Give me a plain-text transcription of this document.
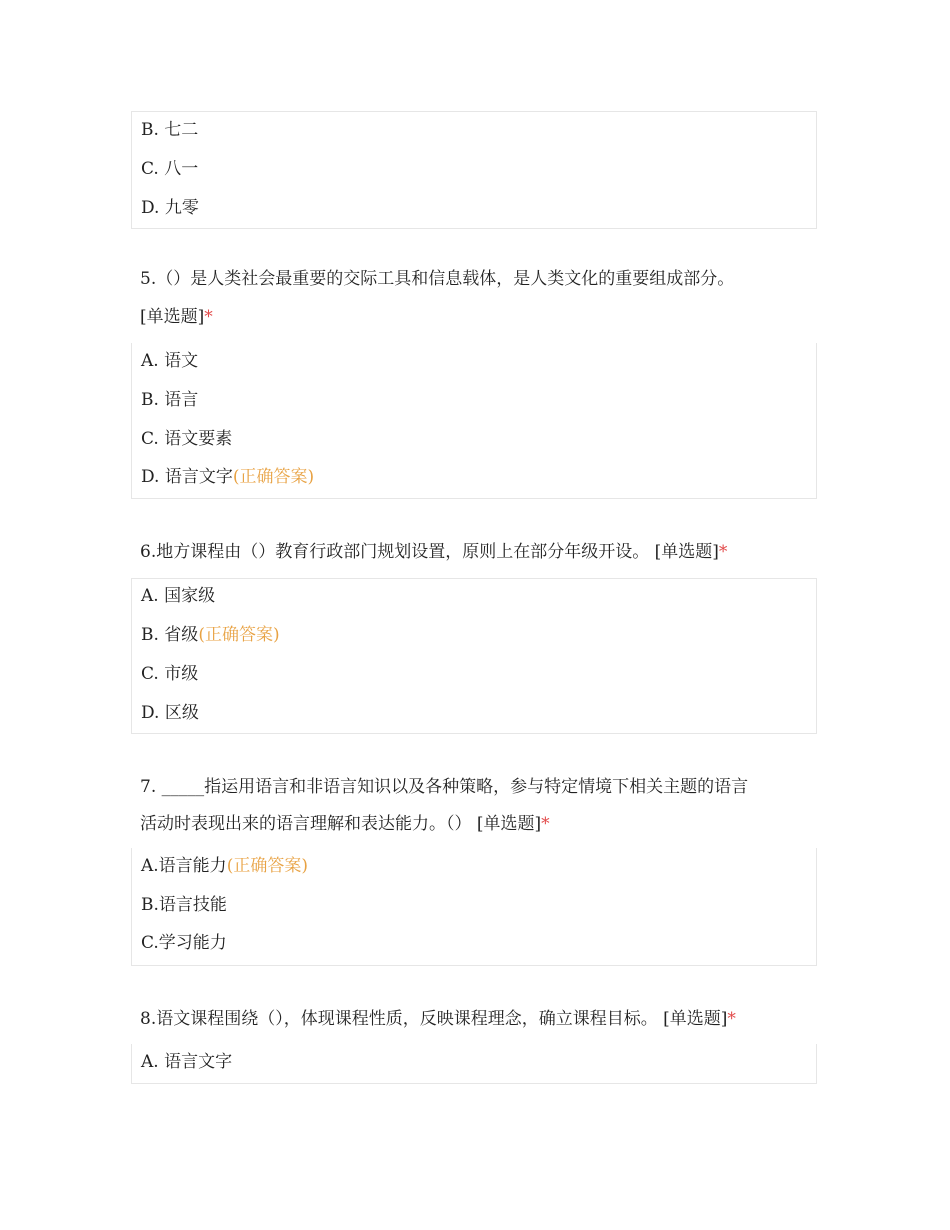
B. 七二
C. 八一
D. 九零
5.（）是人类社会最重要的交际工具和信息载体，是人类文化的重要组成部分。
[单选题]*
A. 语文
B. 语言
C. 语文要素
D. 语言文字(正确答案)
6.地方课程由（）教育行政部门规划设置，原则上在部分年级开设。 [单选题]*
A. 国家级
B. 省级(正确答案)
C. 市级
D. 区级
7. _____指运用语言和非语言知识以及各种策略，参与特定情境下相关主题的语言
活动时表现出来的语言理解和表达能力。（） [单选题]*
A.语言能力(正确答案)
B.语言技能
C.学习能力
8.语文课程围绕（），体现课程性质，反映课程理念，确立课程目标。 [单选题]*
A. 语言文字
